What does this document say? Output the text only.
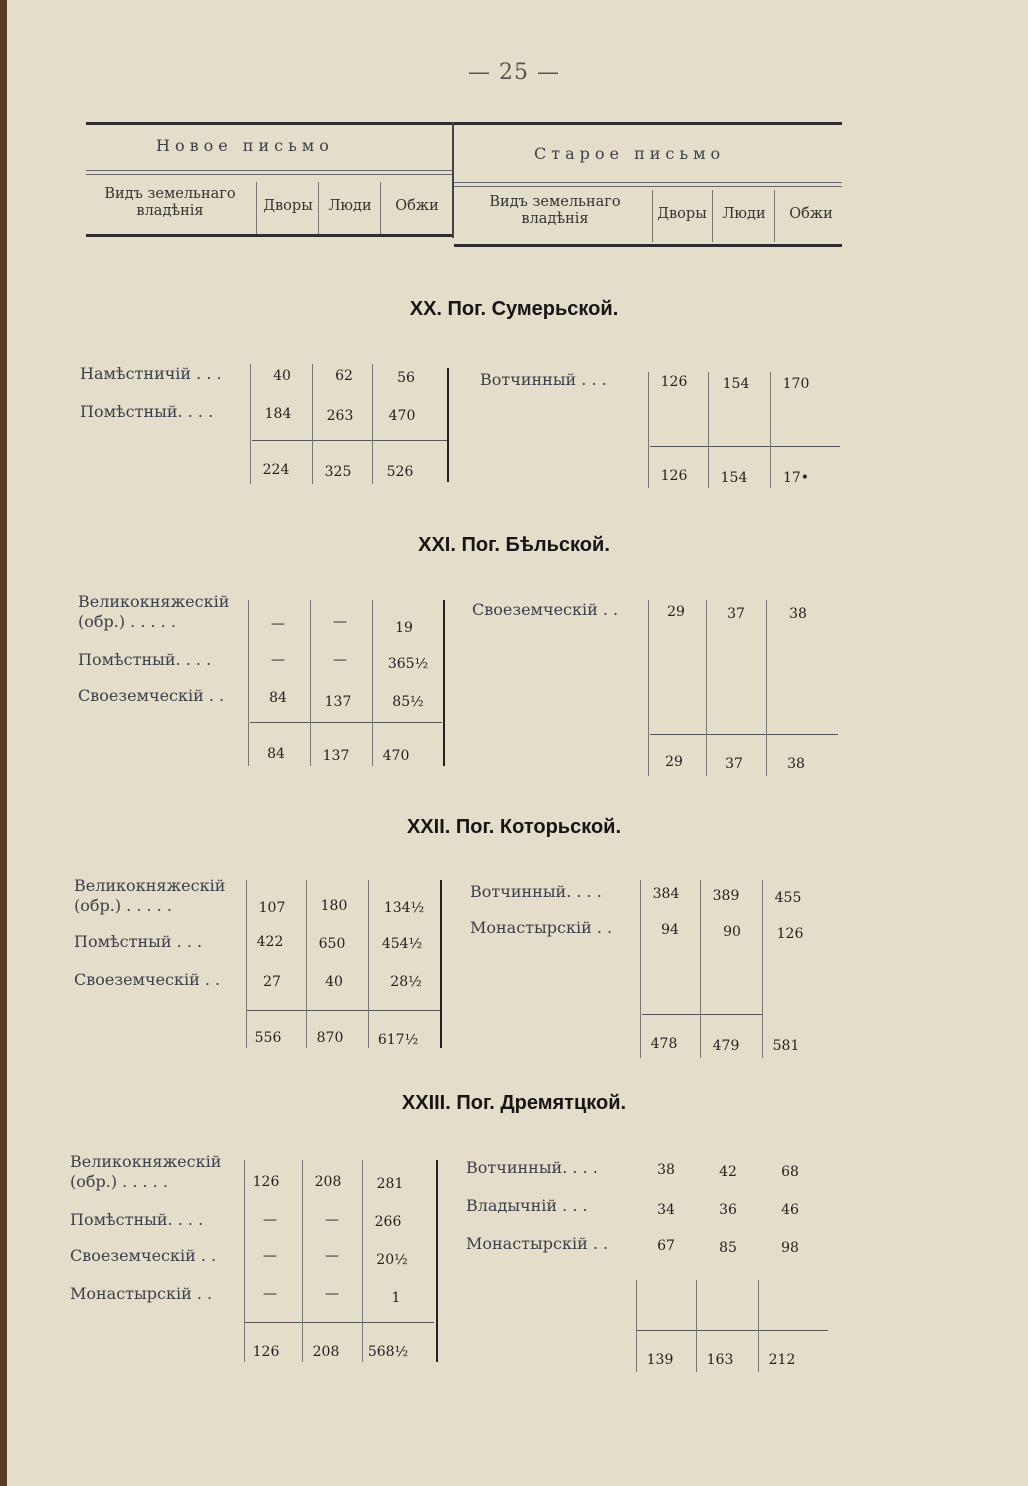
— 25 —
Новое письмо	Старое письмо
Видъ земельнаго владѣнія	Дворы	Люди	Обжи	Видъ земельнаго владѣнія	Дворы	Люди	Обжи
XX. Пог. Сумерьской.
Намѣстничій . . .	40	62	56
Помѣстный. . . .	184	263	470
224	325	526
Вотчинный . . .	126	154	170
126	154	17•
XXI. Пог. Бѣльской.
Великокняжескій
(обр.) . . . . .	—	—	19
Помѣстный. . . .	—	—	365½
Своеземческій . .	84	137	85½
84	137	470
Своеземческій . .	29	37	38
29	37	38
XXII. Пог. Которьской.
Великокняжескій
(обр.) . . . . .	107	180	134½
Помѣстный . . .	422	650	454½
Своеземческій . .	27	40	28½
556	870	617½
Вотчинный. . . .	384	389	455
Монастырскій . .	94	90	126
478	479	581
XXIII. Пог. Дремятцкой.
Великокняжескій
(обр.) . . . . .	126	208	281
Помѣстный. . . .	—	—	266
Своеземческій . .	—	—	20½
Монастырскій . .	—	—	1
126	208	568½
Вотчинный. . . .	38	42	68
Владычній . . .	34	36	46
Монастырскій . .	67	85	98
139	163	212
